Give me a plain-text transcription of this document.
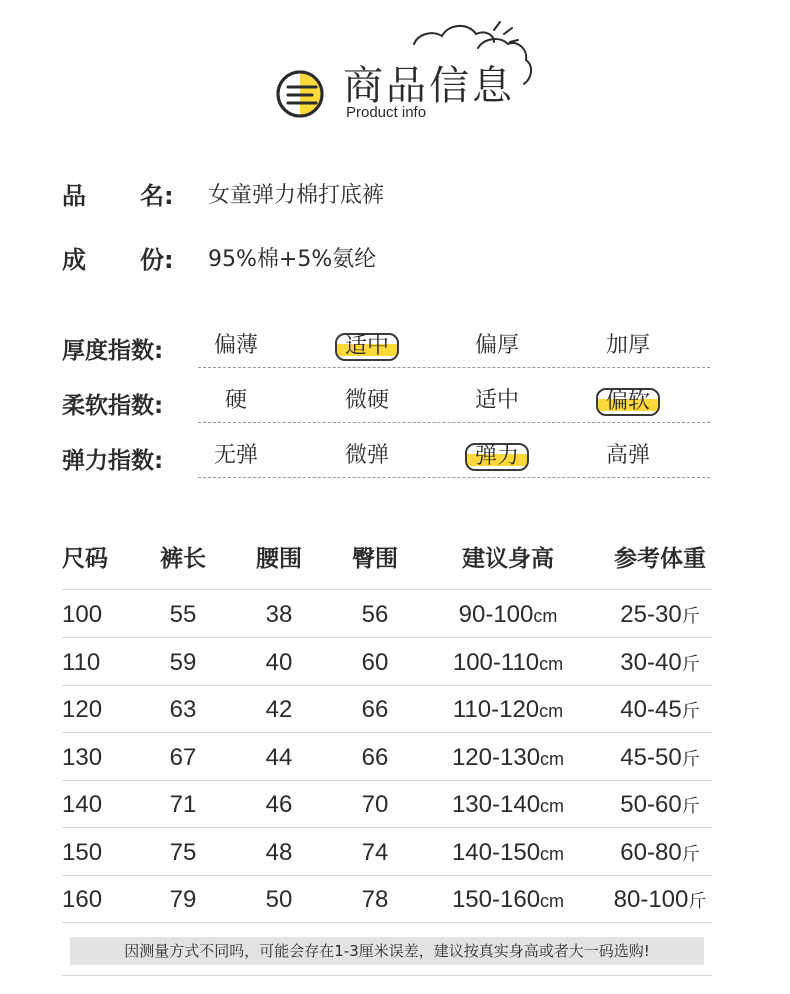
商品信息
Product info
品 名: 女童弹力棉打底裤
成 份: 95%棉+5%氨纶
厚度指数: 偏薄	适中	偏厚	加厚
柔软指数:	硬	微硬	适中	偏软
弹力指数: 无弹	微弹	弹力	高弹
尺码 裤长 腰围 臀围	建议身高	参考体重
100	55	38	56	90-100cm	25-30斤
110	59	40	60	100-110cm 30-40斤
120	63	42	66	110-120cm 40-45斤
130	67	44	66	120-130cm 45-50斤
140	71	46	70	130-140cm 50-60斤
150	75	48	74	140-150cm 60-80斤
160	79	50	78	150-160cm 80-100斤
因测量方式不同吗，可能会存在1-3厘米误差，建议按真实身高或者大一码选购!
